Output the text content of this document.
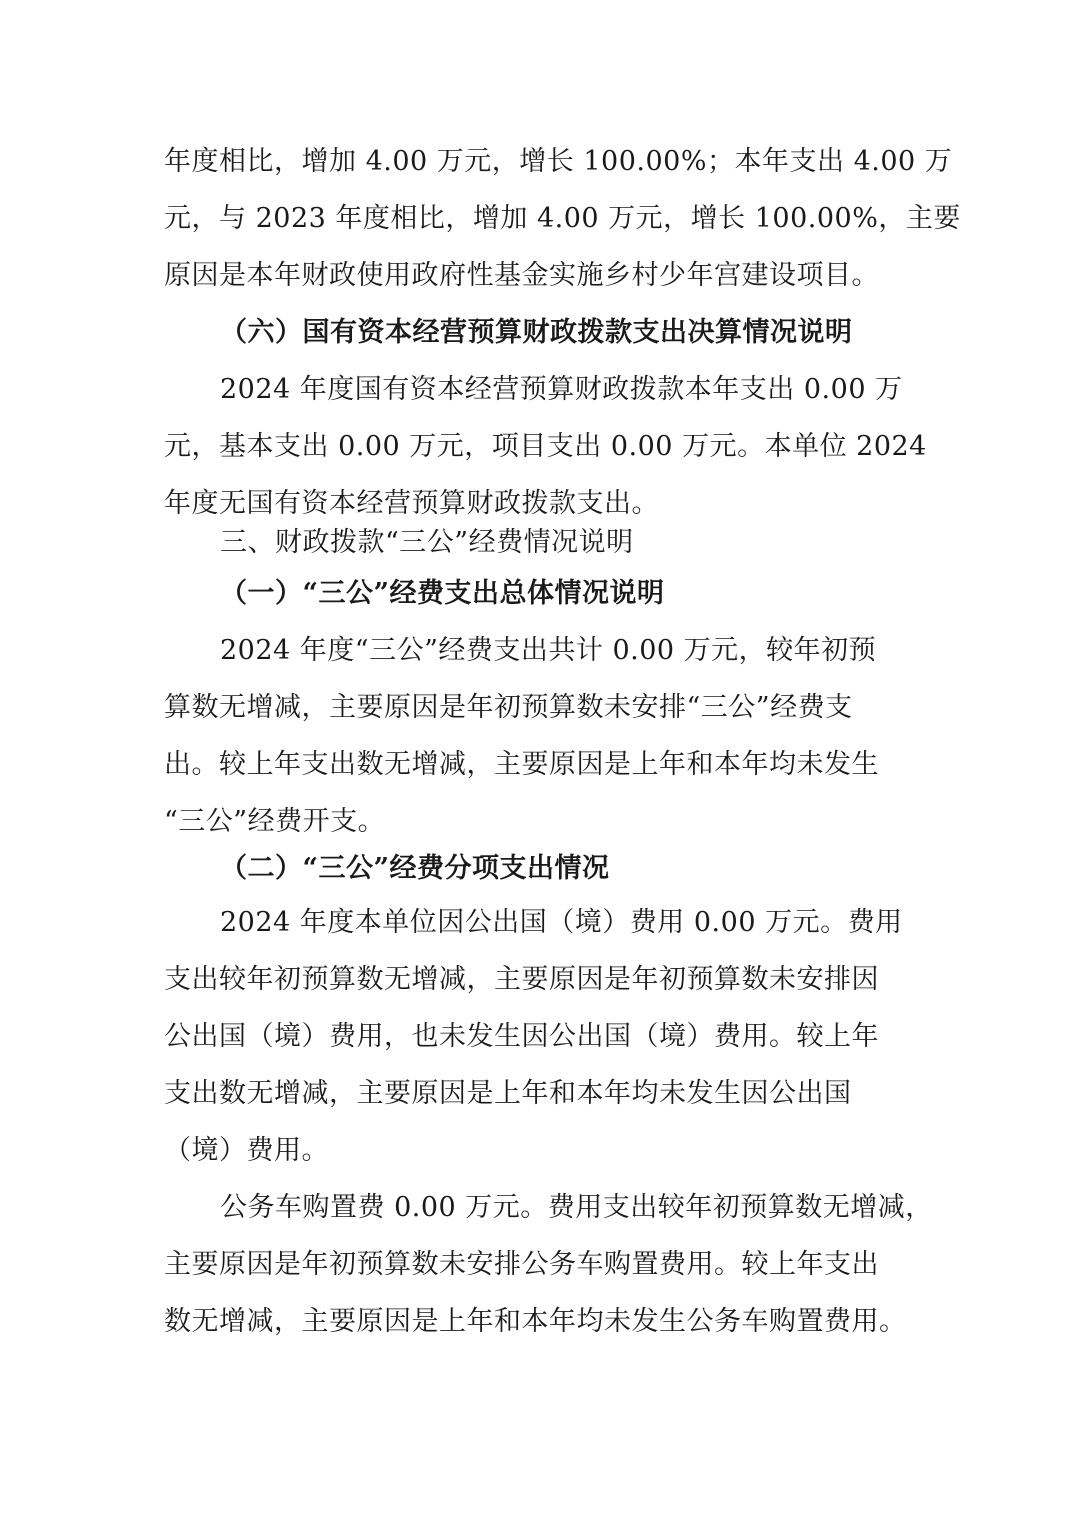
年度相比，增加 4.00 万元，增长 100.00%；本年支出 4.00 万
元，与 2023 年度相比，增加 4.00 万元，增长 100.00%，主要
原因是本年财政使用政府性基金实施乡村少年宫建设项目。
（六）国有资本经营预算财政拨款支出决算情况说明
2024 年度国有资本经营预算财政拨款本年支出 0.00 万
元，基本支出 0.00 万元，项目支出 0.00 万元。本单位 2024
年度无国有资本经营预算财政拨款支出。
三、财政拨款“三公”经费情况说明
（一）“三公”经费支出总体情况说明
2024 年度“三公”经费支出共计 0.00 万元，较年初预
算数无增减，主要原因是年初预算数未安排“三公”经费支
出。较上年支出数无增减，主要原因是上年和本年均未发生
“三公”经费开支。
（二）“三公”经费分项支出情况
2024 年度本单位因公出国（境）费用 0.00 万元。费用
支出较年初预算数无增减，主要原因是年初预算数未安排因
公出国（境）费用，也未发生因公出国（境）费用。较上年
支出数无增减，主要原因是上年和本年均未发生因公出国
（境）费用。
公务车购置费 0.00 万元。费用支出较年初预算数无增减，
主要原因是年初预算数未安排公务车购置费用。较上年支出
数无增减，主要原因是上年和本年均未发生公务车购置费用。
